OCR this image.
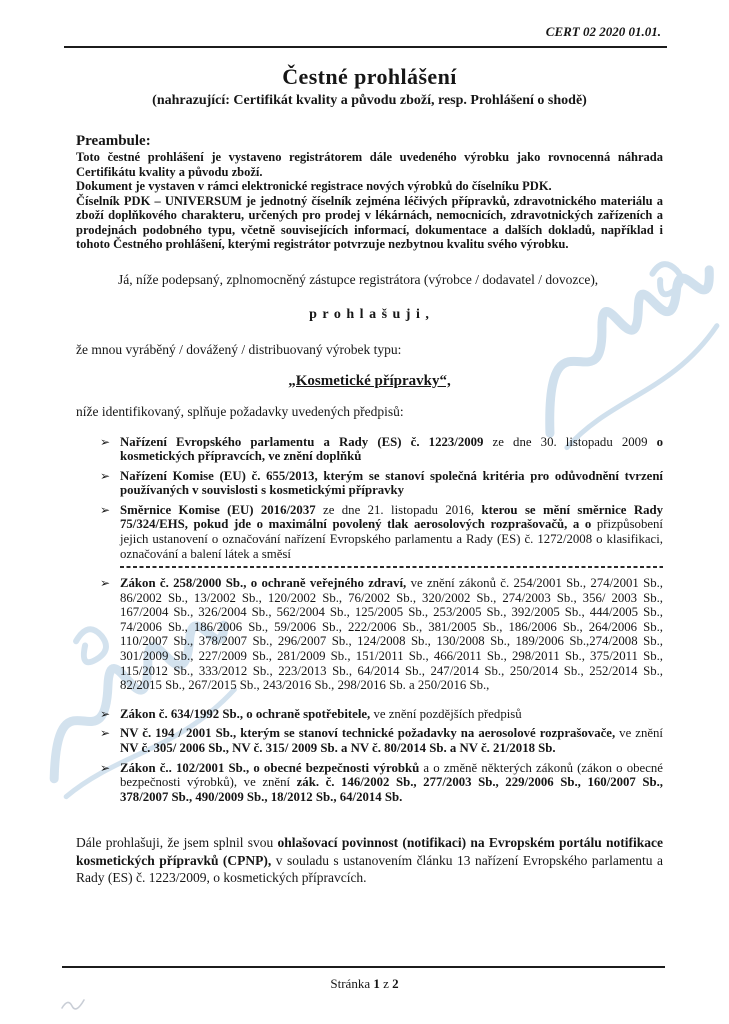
CERT 02 2020 01.01.
Čestné prohlášení
(nahrazující: Certifikát kvality a původu zboží, resp. Prohlášení o shodě)
Preambule:

Toto čestné prohlášení je vystaveno registrátorem dále uvedeného výrobku jako rovnocenná náhrada Certifikátu kvality a původu zboží.

Dokument je vystaven v rámci elektronické registrace nových výrobků do číselníku PDK.

Číselník PDK – UNIVERSUM je jednotný číselník zejména léčivých přípravků, zdravotnického materiálu a zboží doplňkového charakteru, určených pro prodej v lékárnách, nemocnicích, zdravotnických zařízeních a prodejnách podobného typu, včetně souvisejících informací, dokumentace a dalších dokladů, například i tohoto Čestného prohlášení, kterými registrátor potvrzuje nezbytnou kvalitu svého výrobku.

Já, níže podepsaný, zplnomocněný zástupce registrátora (výrobce / dodavatel / dovozce),

p r o h l a š u j i ,

že mnou vyráběný / dovážený / distribuovaný výrobek typu:

„Kosmetické přípravky“,

níže identifikovaný, splňuje požadavky uvedených předpisů:

➢ Nařízení Evropského parlamentu a Rady (ES) č. 1223/2009 ze dne 30. listopadu 2009 o kosmetických přípravcích, ve znění doplňků
➢ Nařízení Komise (EU) č. 655/2013, kterým se stanoví společná kritéria pro odůvodnění tvrzení používaných v souvislosti s kosmetickými přípravky
➢ Směrnice Komise (EU) 2016/2037 ze dne 21. listopadu 2016, kterou se mění směrnice Rady 75/324/EHS, pokud jde o maximální povolený tlak aerosolových rozprašovačů, a o přizpůsobení jejich ustanovení o označování nařízení Evropského parlamentu a Rady (ES) č. 1272/2008 o klasifikaci, označování a balení látek a směsí
➢ Zákon č. 258/2000 Sb., o ochraně veřejného zdraví, ve znění zákonů č. 254/2001 Sb., 274/2001 Sb., 86/2002 Sb., 13/2002 Sb., 120/2002 Sb., 76/2002 Sb., 320/2002 Sb., 274/2003 Sb., 356/ 2003 Sb., 167/2004 Sb., 326/2004 Sb., 562/2004 Sb., 125/2005 Sb., 253/2005 Sb., 392/2005 Sb., 444/2005 Sb., 74/2006 Sb., 186/2006 Sb., 59/2006 Sb., 222/2006 Sb., 381/2005 Sb., 186/2006 Sb., 264/2006 Sb., 110/2007 Sb., 378/2007 Sb., 296/2007 Sb., 124/2008 Sb., 130/2008 Sb., 189/2006 Sb.,274/2008 Sb., 301/2009 Sb., 227/2009 Sb., 281/2009 Sb., 151/2011 Sb., 466/2011 Sb., 298/2011 Sb., 375/2011 Sb., 115/2012 Sb., 333/2012 Sb., 223/2013 Sb., 64/2014 Sb., 247/2014 Sb., 250/2014 Sb., 252/2014 Sb., 82/2015 Sb., 267/2015 Sb., 243/2016 Sb., 298/2016 Sb. a 250/2016 Sb.,
➢ Zákon č. 634/1992 Sb., o ochraně spotřebitele, ve znění pozdějších předpisů
➢ NV č. 194 / 2001 Sb., kterým se stanoví technické požadavky na aerosolové rozprašovače, ve znění NV č. 305/ 2006 Sb., NV č. 315/ 2009 Sb. a NV č. 80/2014 Sb. a NV č. 21/2018 Sb.
➢ Zákon č.. 102/2001 Sb., o obecné bezpečnosti výrobků a o změně některých zákonů (zákon o obecné bezpečnosti výrobků), ve znění zák. č. 146/2002 Sb., 277/2003 Sb., 229/2006 Sb., 160/2007 Sb., 378/2007 Sb., 490/2009 Sb., 18/2012 Sb., 64/2014 Sb.

Dále prohlašuji, že jsem splnil svou ohlašovací povinnost (notifikaci) na Evropském portálu notifikace kosmetických přípravků (CPNP), v souladu s ustanovením článku 13 nařízení Evropského parlamentu a Rady (ES) č. 1223/2009, o kosmetických přípravcích.

Stránka 1 z 2
